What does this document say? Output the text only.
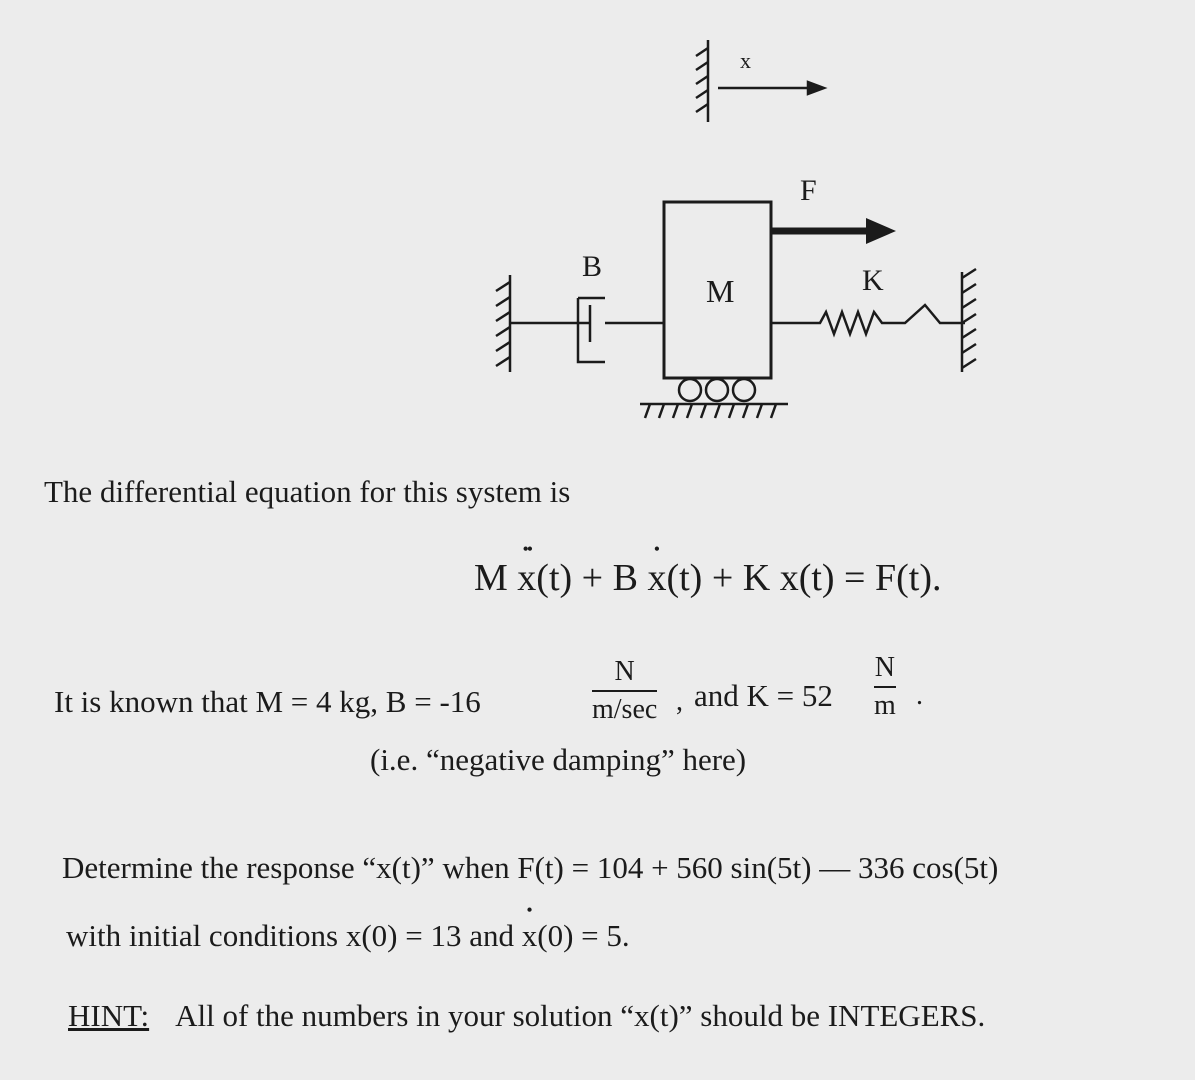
x
F
B
M	K
The differential equation for this system is
M •• x(t) + B • x(t) + K x(t) = F(t).
It is known that M = 4 kg, B = -16
N
m/sec , and K = 52
N
m .
(i.e. “negative damping” here)
Determine the response “x(t)” when F(t) = 104 + 560 sin(5t) — 336 cos(5t)
with initial conditions x(0) = 13 and • x(0) = 5.
HINT: All of the numbers in your solution “x(t)” should be INTEGERS.
